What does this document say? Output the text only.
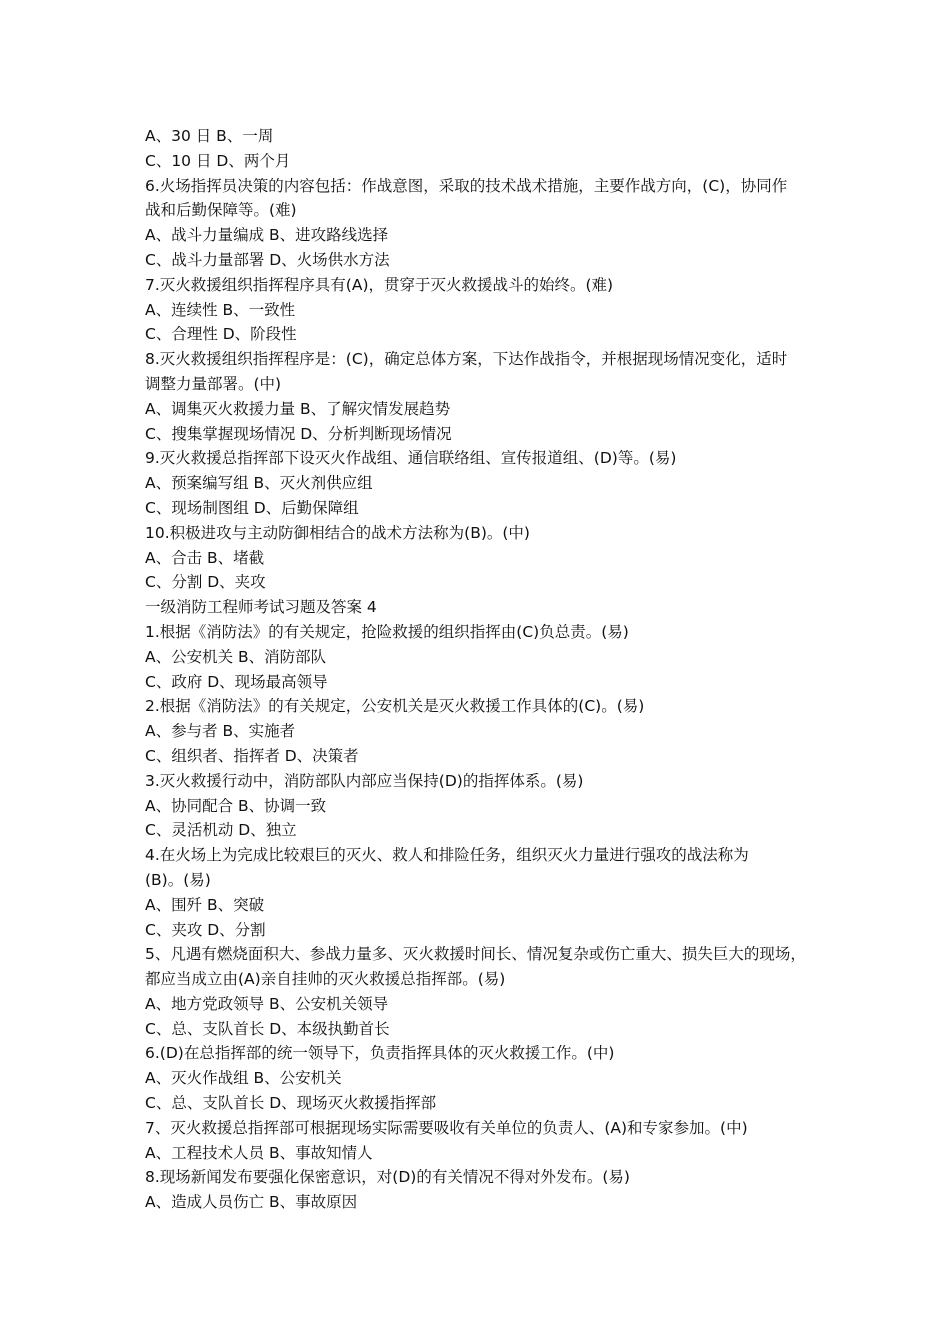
A、30 日 B、一周
C、10 日 D、两个月
6.火场指挥员决策的内容包括：作战意图，采取的技术战术措施，主要作战方向，(C)，协同作
战和后勤保障等。(难)
A、战斗力量编成 B、进攻路线选择
C、战斗力量部署 D、火场供水方法
7.灭火救援组织指挥程序具有(A)，贯穿于灭火救援战斗的始终。(难)
A、连续性 B、一致性
C、合理性 D、阶段性
8.灭火救援组织指挥程序是：(C)，确定总体方案，下达作战指令，并根据现场情况变化，适时
调整力量部署。(中)
A、调集灭火救援力量 B、了解灾情发展趋势
C、搜集掌握现场情况 D、分析判断现场情况
9.灭火救援总指挥部下设灭火作战组、通信联络组、宣传报道组、(D)等。(易)
A、预案编写组 B、灭火剂供应组
C、现场制图组 D、后勤保障组
10.积极进攻与主动防御相结合的战术方法称为(B)。(中)
A、合击 B、堵截
C、分割 D、夹攻
一级消防工程师考试习题及答案 4
1.根据《消防法》的有关规定，抢险救援的组织指挥由(C)负总责。(易)
A、公安机关 B、消防部队
C、政府 D、现场最高领导
2.根据《消防法》的有关规定，公安机关是灭火救援工作具体的(C)。(易)
A、参与者 B、实施者
C、组织者、指挥者 D、决策者
3.灭火救援行动中，消防部队内部应当保持(D)的指挥体系。(易)
A、协同配合 B、协调一致
C、灵活机动 D、独立
4.在火场上为完成比较艰巨的灭火、救人和排险任务，组织灭火力量进行强攻的战法称为
(B)。(易)
A、围歼 B、突破
C、夹攻 D、分割
5、凡遇有燃烧面积大、参战力量多、灭火救援时间长、情况复杂或伤亡重大、损失巨大的现场，
都应当成立由(A)亲自挂帅的灭火救援总指挥部。(易)
A、地方党政领导 B、公安机关领导
C、总、支队首长 D、本级执勤首长
6.(D)在总指挥部的统一领导下，负责指挥具体的灭火救援工作。(中)
A、灭火作战组 B、公安机关
C、总、支队首长 D、现场灭火救援指挥部
7、灭火救援总指挥部可根据现场实际需要吸收有关单位的负责人、(A)和专家参加。(中)
A、工程技术人员 B、事故知情人
8.现场新闻发布要强化保密意识，对(D)的有关情况不得对外发布。(易)
A、造成人员伤亡 B、事故原因
